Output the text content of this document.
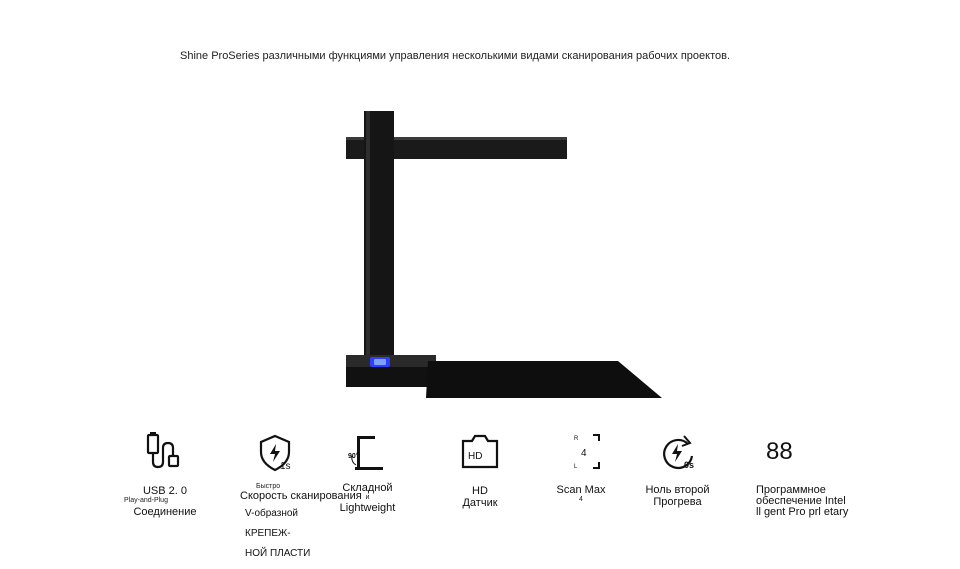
Shine ProSeries различными функциями управления несколькими видами сканирования рабочих проектов.
USB 2. 0
Play-and-Plug
Соединение
1s
Быстро
Скорость сканирования
V-образной
КРЕПЕЖ-
НОЙ ПЛАСТИ
90°
Складной
и
Lightweight
HD
HD
Датчик
R
L
4
Scan Max
4
0s
Ноль второй
Прогрева
88
Программное
обеспечение Intel
ll gent Pro prl etary
